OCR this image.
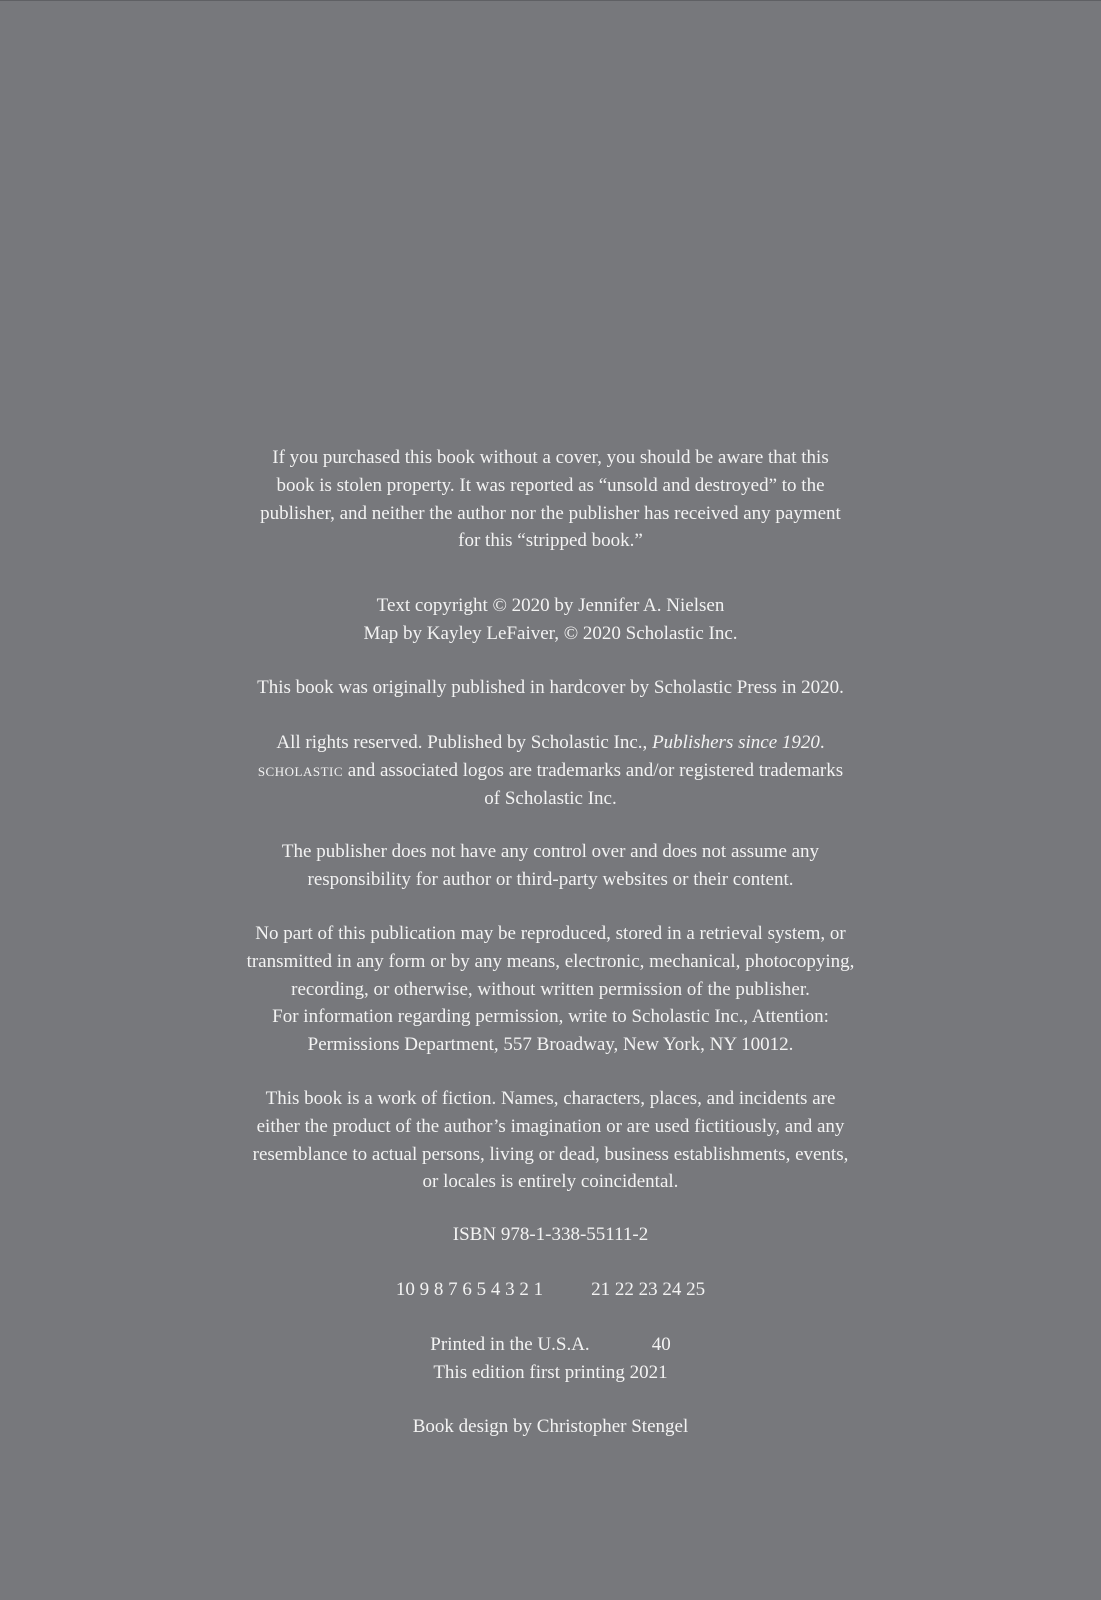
If you purchased this book without a cover, you should be aware that this
book is stolen property. It was reported as “unsold and destroyed” to the
publisher, and neither the author nor the publisher has received any payment
for this “stripped book.”

Text copyright © 2020 by Jennifer A. Nielsen
Map by Kayley LeFaiver, © 2020 Scholastic Inc.

This book was originally published in hardcover by Scholastic Press in 2020.

All rights reserved. Published by Scholastic Inc., Publishers since 1920.
scholastic and associated logos are trademarks and/or registered trademarks
of Scholastic Inc.

The publisher does not have any control over and does not assume any
responsibility for author or third-party websites or their content.

No part of this publication may be reproduced, stored in a retrieval system, or
transmitted in any form or by any means, electronic, mechanical, photocopying,
recording, or otherwise, without written permission of the publisher.
For information regarding permission, write to Scholastic Inc., Attention:
Permissions Department, 557 Broadway, New York, NY 10012.

This book is a work of fiction. Names, characters, places, and incidents are
either the product of the author’s imagination or are used fictitiously, and any
resemblance to actual persons, living or dead, business establishments, events,
or locales is entirely coincidental.

ISBN 978-1-338-55111-2

10 9 8 7 6 5 4 3 2 1	21 22 23 24 25
Printed in the U.S.A.	40
This edition first printing 2021

Book design by Christopher Stengel
